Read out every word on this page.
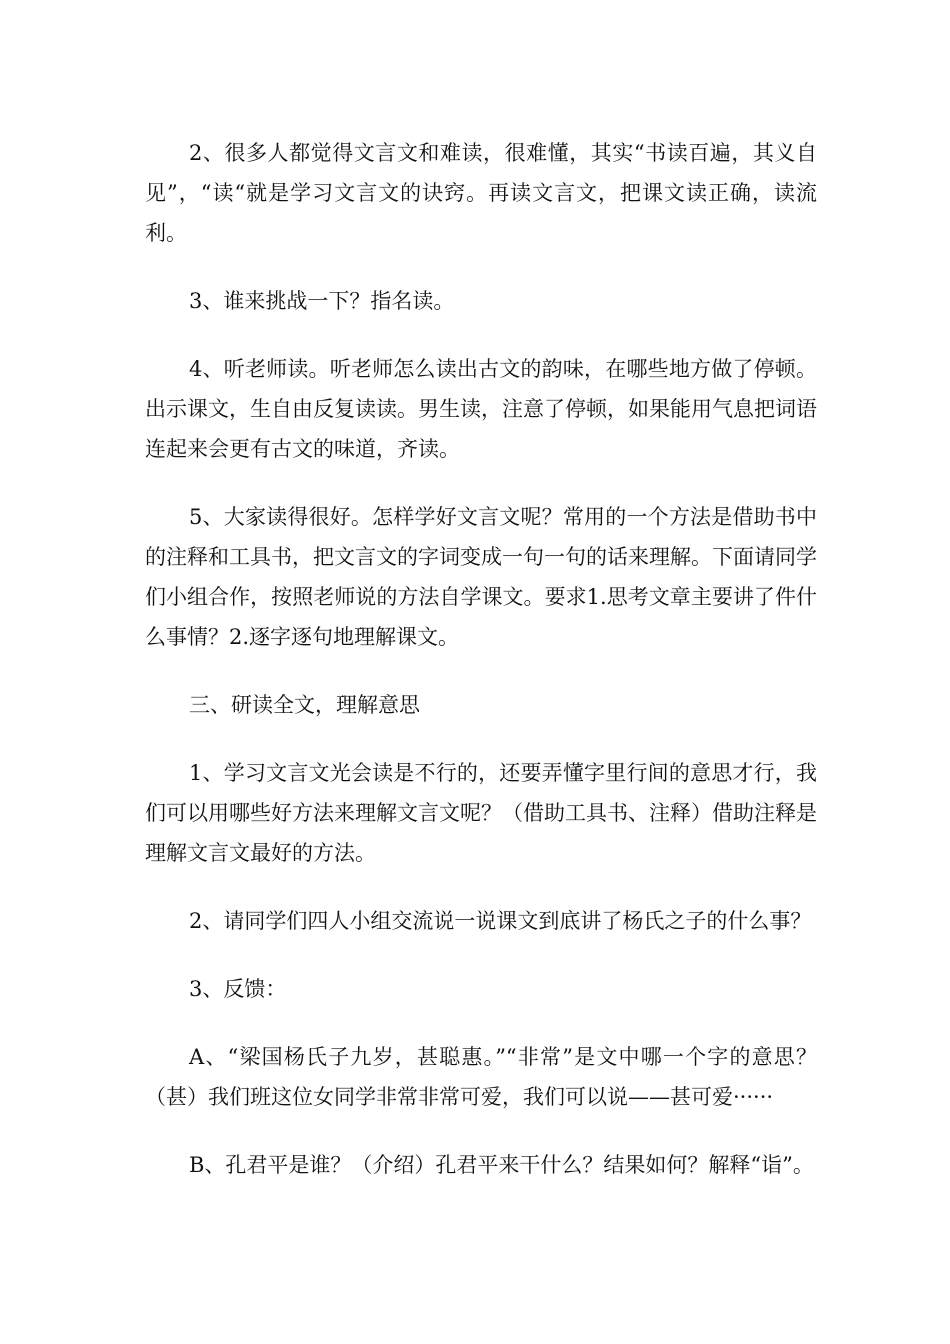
2、很多人都觉得文言文和难读，很难懂，其实“书读百遍，其义自见”，“读“就是学习文言文的诀窍。再读文言文，把课文读正确，读流利。

3、谁来挑战一下？指名读。

4、听老师读。听老师怎么读出古文的韵味，在哪些地方做了停顿。出示课文，生自由反复读读。男生读，注意了停顿，如果能用气息把词语连起来会更有古文的味道，齐读。

5、大家读得很好。怎样学好文言文呢？常用的一个方法是借助书中的注释和工具书，把文言文的字词变成一句一句的话来理解。下面请同学们小组合作，按照老师说的方法自学课文。要求1.思考文章主要讲了件什么事情？2.逐字逐句地理解课文。

三、研读全文，理解意思

1、学习文言文光会读是不行的，还要弄懂字里行间的意思才行，我们可以用哪些好方法来理解文言文呢？（借助工具书、注释）借助注释是理解文言文最好的方法。

2、请同学们四人小组交流说一说课文到底讲了杨氏之子的什么事？

3、反馈：

A、“梁国杨氏子九岁，甚聪惠。”“非常”是文中哪一个字的意思？（甚）我们班这位女同学非常非常可爱，我们可以说——甚可爱······

B、孔君平是谁？（介绍）孔君平来干什么？结果如何？解释“诣”。
